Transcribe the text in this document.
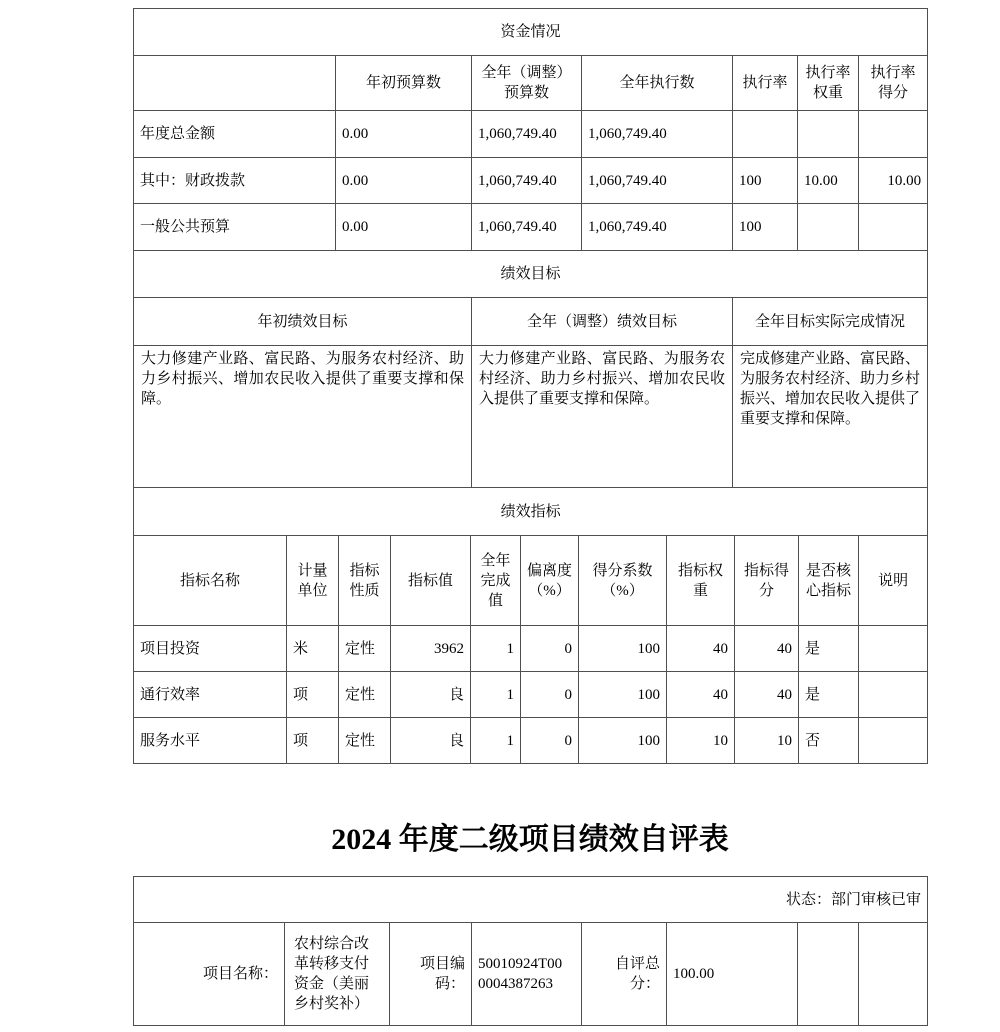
资金情况						
	年初预算数	全年（调整）预算数	全年执行数	执行率	执行率权重	执行率得分
年度总金额	0.00	1,060,749.40	1,060,749.40			
其中：财政拨款	0.00	1,060,749.40	1,060,749.40	100	10.00	10.00
一般公共预算	0.00	1,060,749.40	1,060,749.40	100		
绩效目标		
年初绩效目标	全年（调整）绩效目标	全年目标实际完成情况
大力修建产业路、富民路、为服务农村经济、助力乡村振兴、增加农民收入提供了重要支撑和保障。	大力修建产业路、富民路、为服务农村经济、助力乡村振兴、增加农民收入提供了重要支撑和保障。	完成修建产业路、富民路、为服务农村经济、助力乡村振兴、增加农民收入提供了重要支撑和保障。
绩效指标										
指标名称	计量单位	指标性质	指标值	全年完成值	偏离度（%）	得分系数（%）	指标权重	指标得分	是否核心指标	说明
项目投资	米	定性	3962	1	0	100	40	40	是	
通行效率	项	定性	良	1	0	100	40	40	是	
服务水平	项	定性	良	1	0	100	10	10	否	
2024 年度二级项目绩效自评表
状态：部门审核已审
项目名称：	农村综合改革转移支付资金（美丽乡村奖补）	项目编码：	50010924T000004387263	自评总分：	100.00		
